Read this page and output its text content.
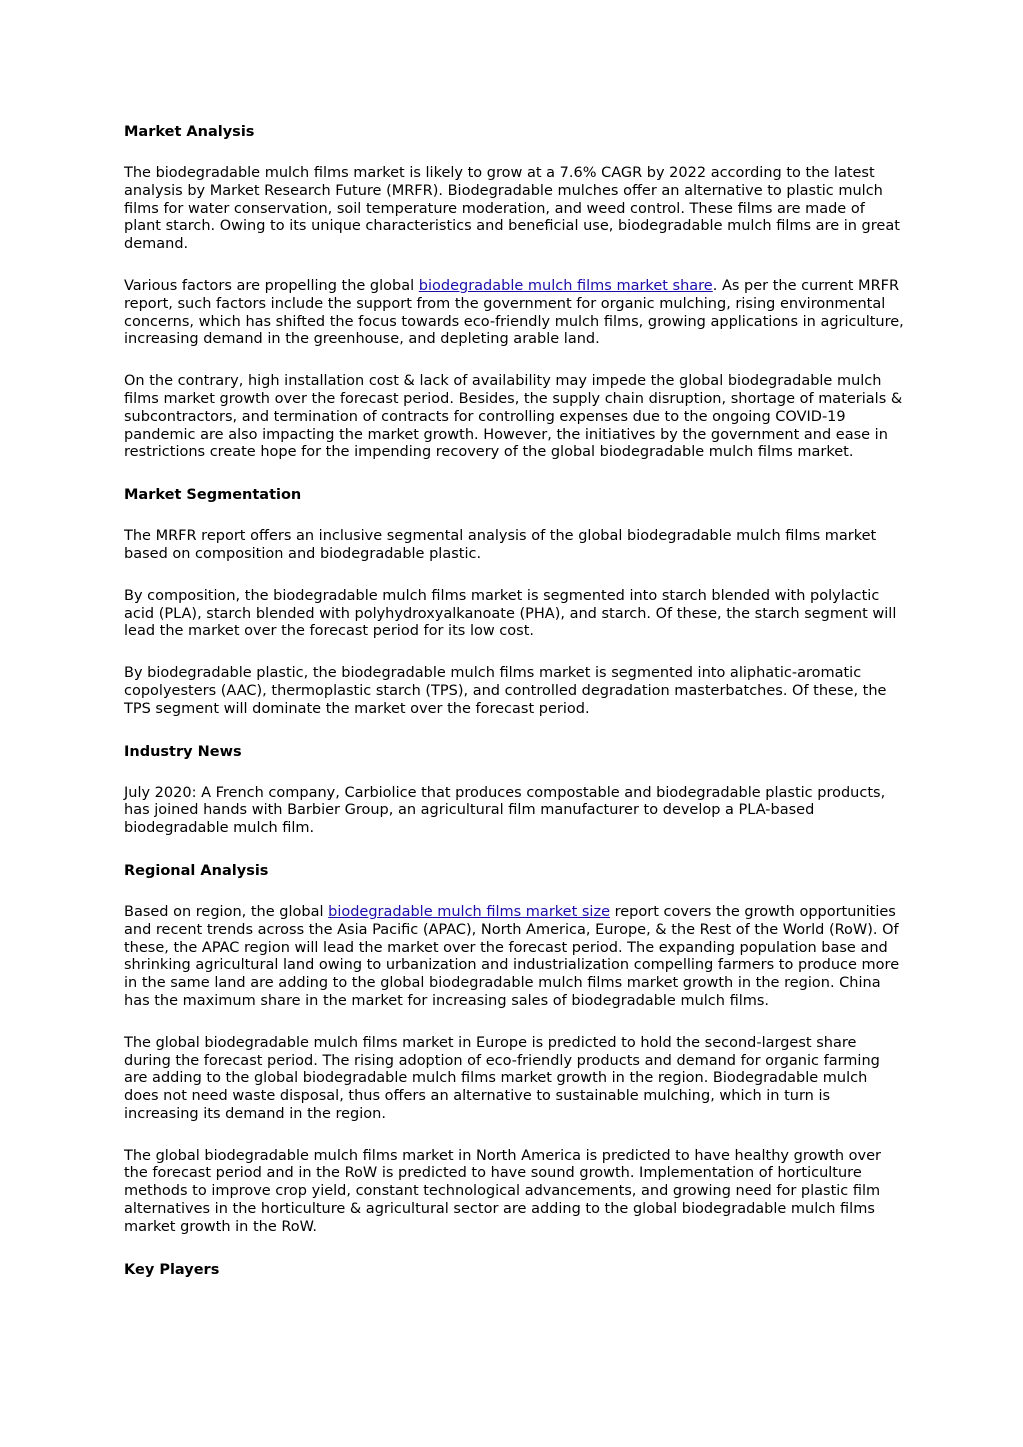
Market Analysis

The biodegradable mulch films market is likely to grow at a 7.6% CAGR by 2022 according to the latest analysis by Market Research Future (MRFR). Biodegradable mulches offer an alternative to plastic mulch films for water conservation, soil temperature moderation, and weed control. These films are made of plant starch. Owing to its unique characteristics and beneficial use, biodegradable mulch films are in great demand.

Various factors are propelling the global biodegradable mulch films market share. As per the current MRFR report, such factors include the support from the government for organic mulching, rising environmental concerns, which has shifted the focus towards eco-friendly mulch films, growing applications in agriculture, increasing demand in the greenhouse, and depleting arable land.

On the contrary, high installation cost & lack of availability may impede the global biodegradable mulch films market growth over the forecast period. Besides, the supply chain disruption, shortage of materials & subcontractors, and termination of contracts for controlling expenses due to the ongoing COVID-19 pandemic are also impacting the market growth. However, the initiatives by the government and ease in restrictions create hope for the impending recovery of the global biodegradable mulch films market.

Market Segmentation

The MRFR report offers an inclusive segmental analysis of the global biodegradable mulch films market based on composition and biodegradable plastic.

By composition, the biodegradable mulch films market is segmented into starch blended with polylactic acid (PLA), starch blended with polyhydroxyalkanoate (PHA), and starch. Of these, the starch segment will lead the market over the forecast period for its low cost.

By biodegradable plastic, the biodegradable mulch films market is segmented into aliphatic-aromatic copolyesters (AAC), thermoplastic starch (TPS), and controlled degradation masterbatches. Of these, the TPS segment will dominate the market over the forecast period.

Industry News

July 2020: A French company, Carbiolice that produces compostable and biodegradable plastic products, has joined hands with Barbier Group, an agricultural film manufacturer to develop a PLA-based biodegradable mulch film.

Regional Analysis

Based on region, the global biodegradable mulch films market size report covers the growth opportunities and recent trends across the Asia Pacific (APAC), North America, Europe, & the Rest of the World (RoW). Of these, the APAC region will lead the market over the forecast period. The expanding population base and shrinking agricultural land owing to urbanization and industrialization compelling farmers to produce more in the same land are adding to the global biodegradable mulch films market growth in the region. China has the maximum share in the market for increasing sales of biodegradable mulch films.

The global biodegradable mulch films market in Europe is predicted to hold the second-largest share during the forecast period. The rising adoption of eco-friendly products and demand for organic farming are adding to the global biodegradable mulch films market growth in the region. Biodegradable mulch does not need waste disposal, thus offers an alternative to sustainable mulching, which in turn is increasing its demand in the region.

The global biodegradable mulch films market in North America is predicted to have healthy growth over the forecast period and in the RoW is predicted to have sound growth. Implementation of horticulture methods to improve crop yield, constant technological advancements, and growing need for plastic film alternatives in the horticulture & agricultural sector are adding to the global biodegradable mulch films market growth in the RoW.

Key Players
